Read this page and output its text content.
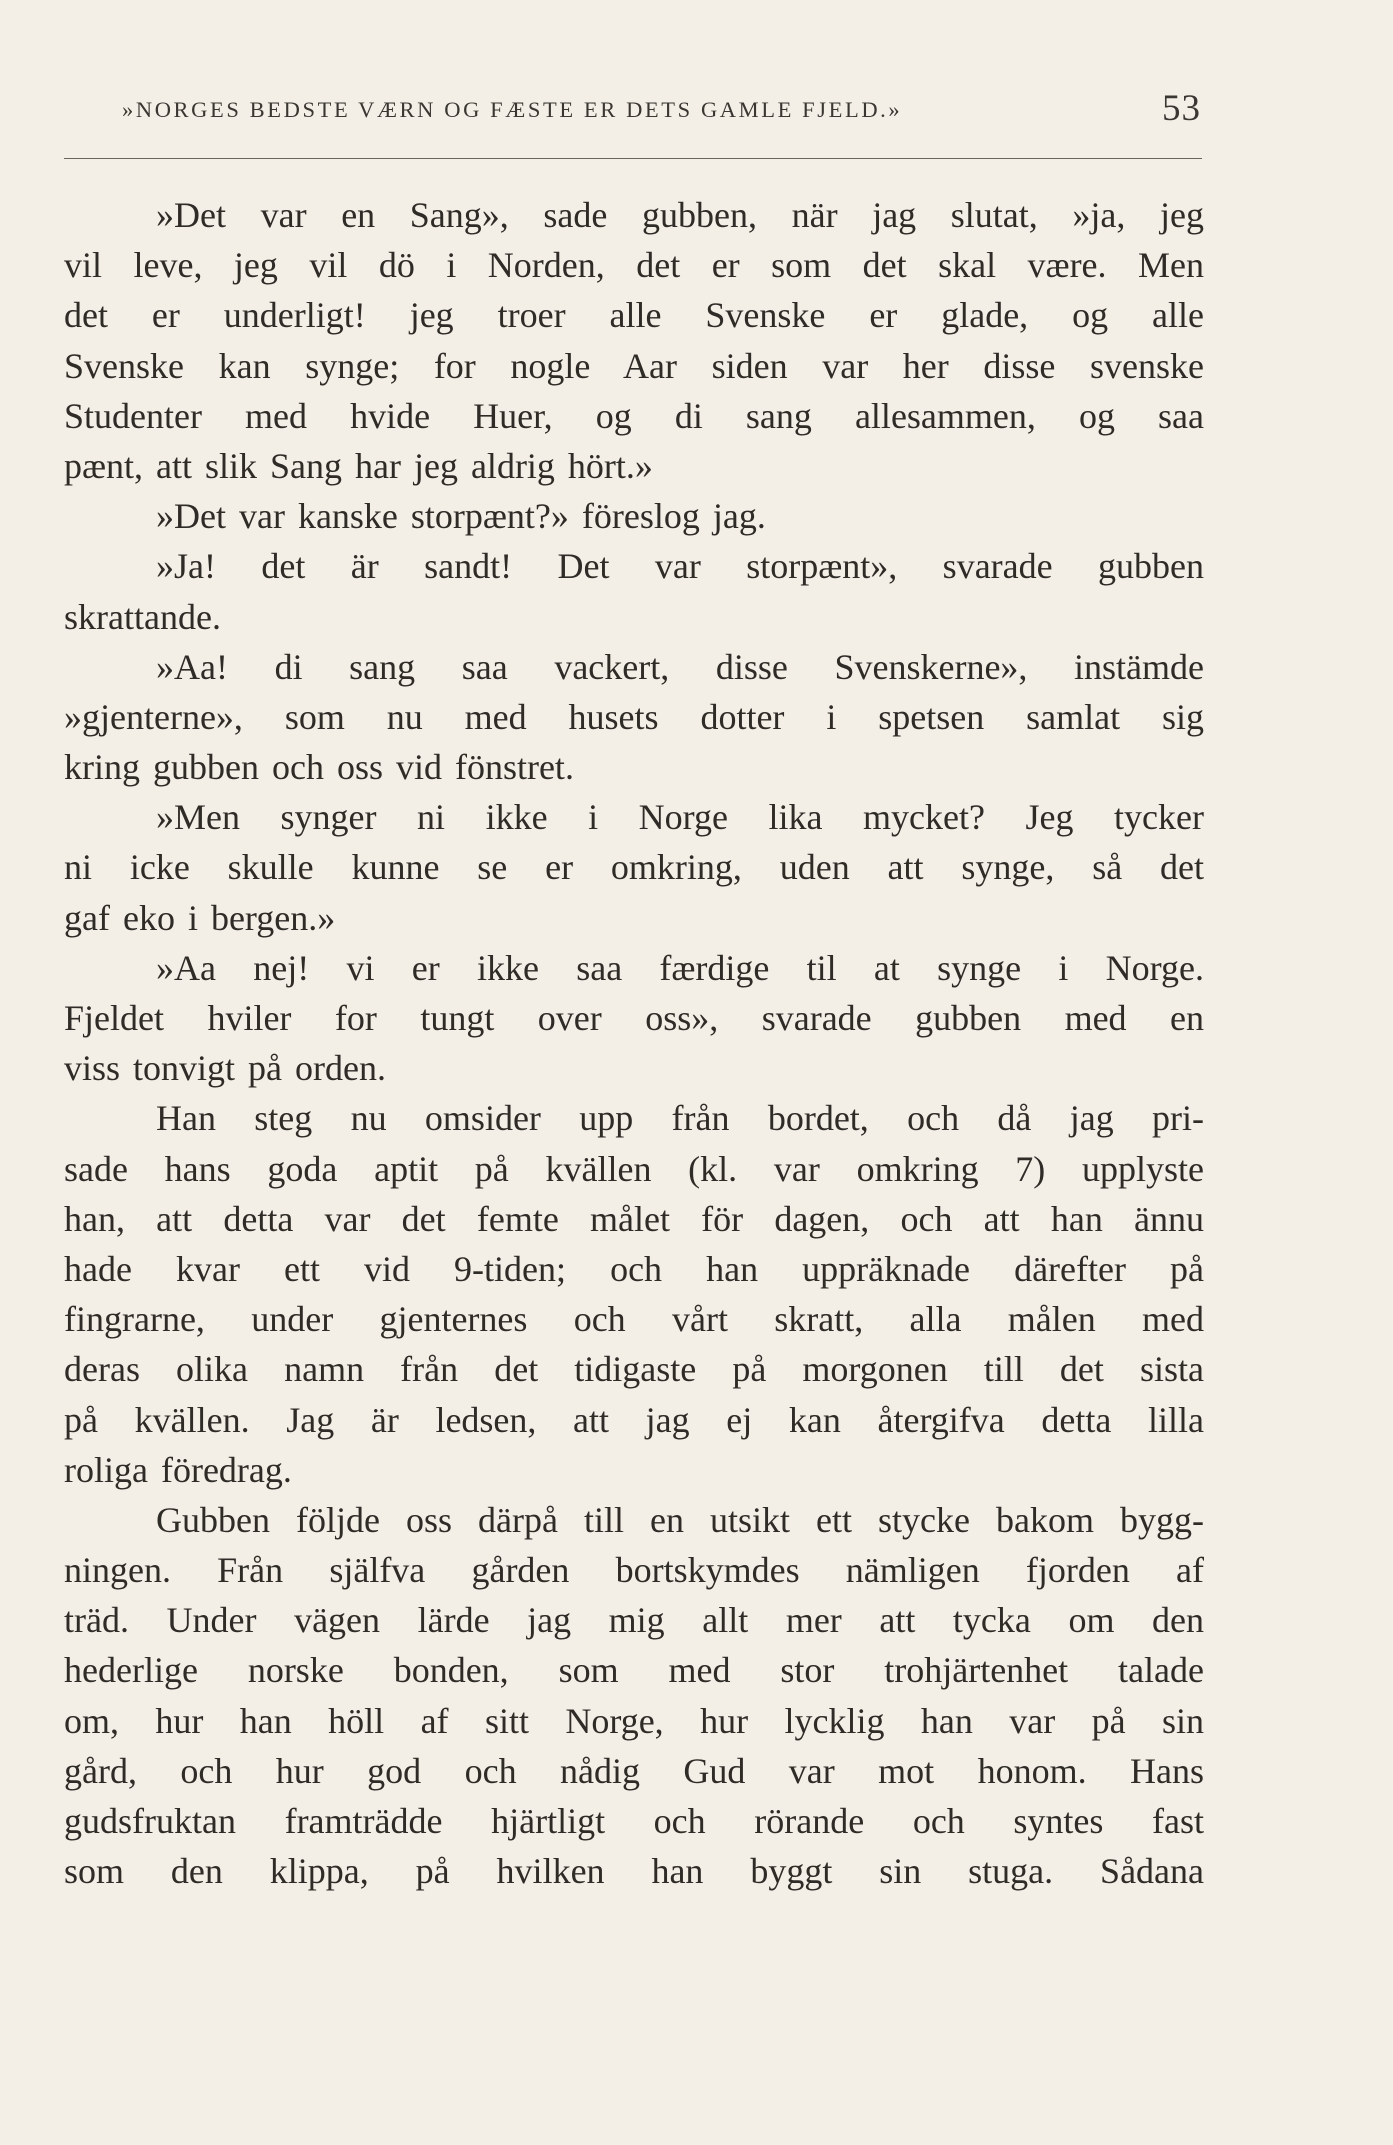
»NORGES BEDSTE VÆRN OG FÆSTE ER DETS GAMLE FJELD.»	53
»Det var en Sang», sade gubben, när jag slutat, »ja, jeg
vil leve, jeg vil dö i Norden, det er som det skal være. Men
det er underligt! jeg troer alle Svenske er glade, og alle
Svenske kan synge; for nogle Aar siden var her disse svenske
Studenter med hvide Huer, og di sang allesammen, og saa
pænt, att slik Sang har jeg aldrig hört.»
»Det var kanske storpænt?» föreslog jag.
»Ja! det är sandt! Det var storpænt», svarade gubben
skrattande.
»Aa! di sang saa vackert, disse Svenskerne», instämde
»gjenterne», som nu med husets dotter i spetsen samlat sig
kring gubben och oss vid fönstret.
»Men synger ni ikke i Norge lika mycket? Jeg tycker
ni icke skulle kunne se er omkring, uden att synge, så det
gaf eko i bergen.»
»Aa nej! vi er ikke saa færdige til at synge i Norge.
Fjeldet hviler for tungt over oss», svarade gubben med en
viss tonvigt på orden.
Han steg nu omsider upp från bordet, och då jag pri-
sade hans goda aptit på kvällen (kl. var omkring 7) upplyste
han, att detta var det femte målet för dagen, och att han ännu
hade kvar ett vid 9-tiden; och han uppräknade därefter på
fingrarne, under gjenternes och vårt skratt, alla målen med
deras olika namn från det tidigaste på morgonen till det sista
på kvällen. Jag är ledsen, att jag ej kan återgifva detta lilla
roliga föredrag.
Gubben följde oss därpå till en utsikt ett stycke bakom bygg-
ningen. Från själfva gården bortskymdes nämligen fjorden af
träd. Under vägen lärde jag mig allt mer att tycka om den
hederlige norske bonden, som med stor trohjärtenhet talade
om, hur han höll af sitt Norge, hur lycklig han var på sin
gård, och hur god och nådig Gud var mot honom. Hans
gudsfruktan framträdde hjärtligt och rörande och syntes fast
som den klippa, på hvilken han byggt sin stuga. Sådana
